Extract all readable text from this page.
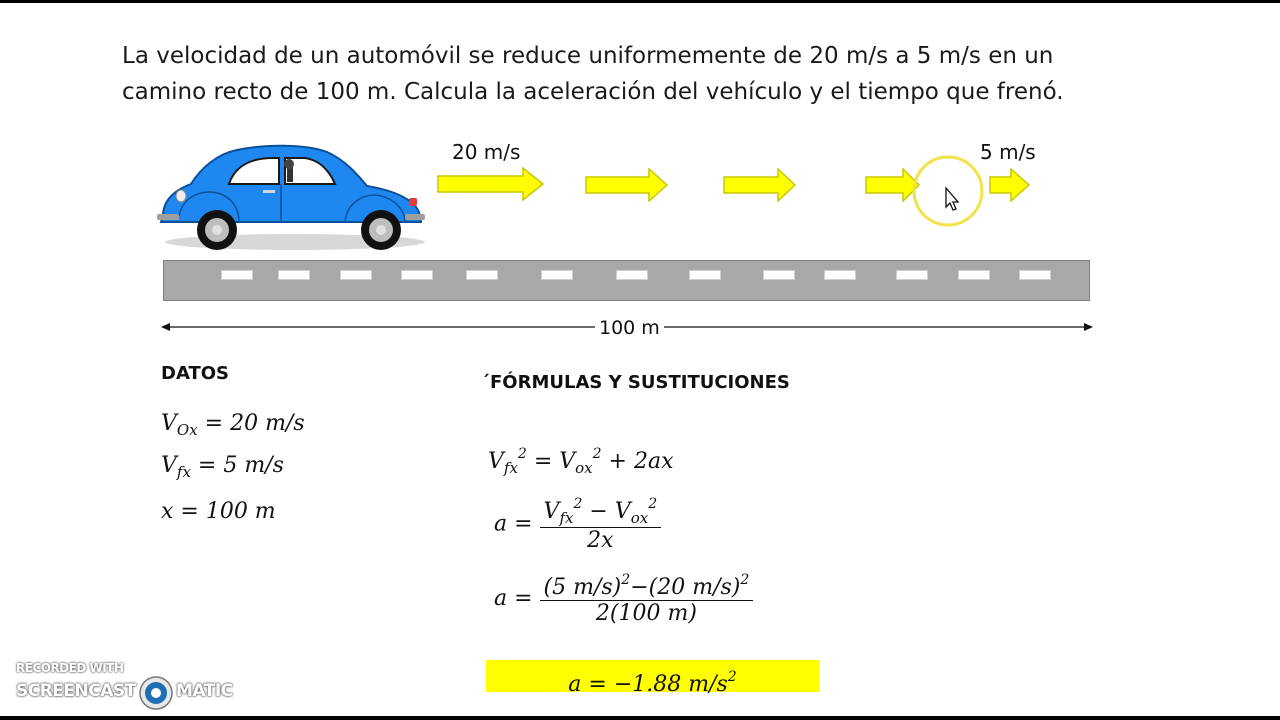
La velocidad de un automóvil se reduce uniformemente de 20 m/s a 5 m/s en un
camino recto de 100 m. Calcula la aceleración del vehículo y el tiempo que frenó.
20 m/s	5 m/s
100 m
DATOS
$V_{Ox} = 20$ m/s
$V_{fx} = 5$ m/s
x = 100 m
´FÓRMULAS Y SUSTITUCIONES
$V_{fx}^2 = V_{ox}^2 + 2ax$
$a = \frac{V_{fx}^2 - V_{ox}^2}{2x}$
$a = \frac{(5 m/s)^2-(20 m/s)^2}{2(100 m)}$
a = −1.88 $m/s^2$
RECORDED WITH
SCREENCAST MATIC
